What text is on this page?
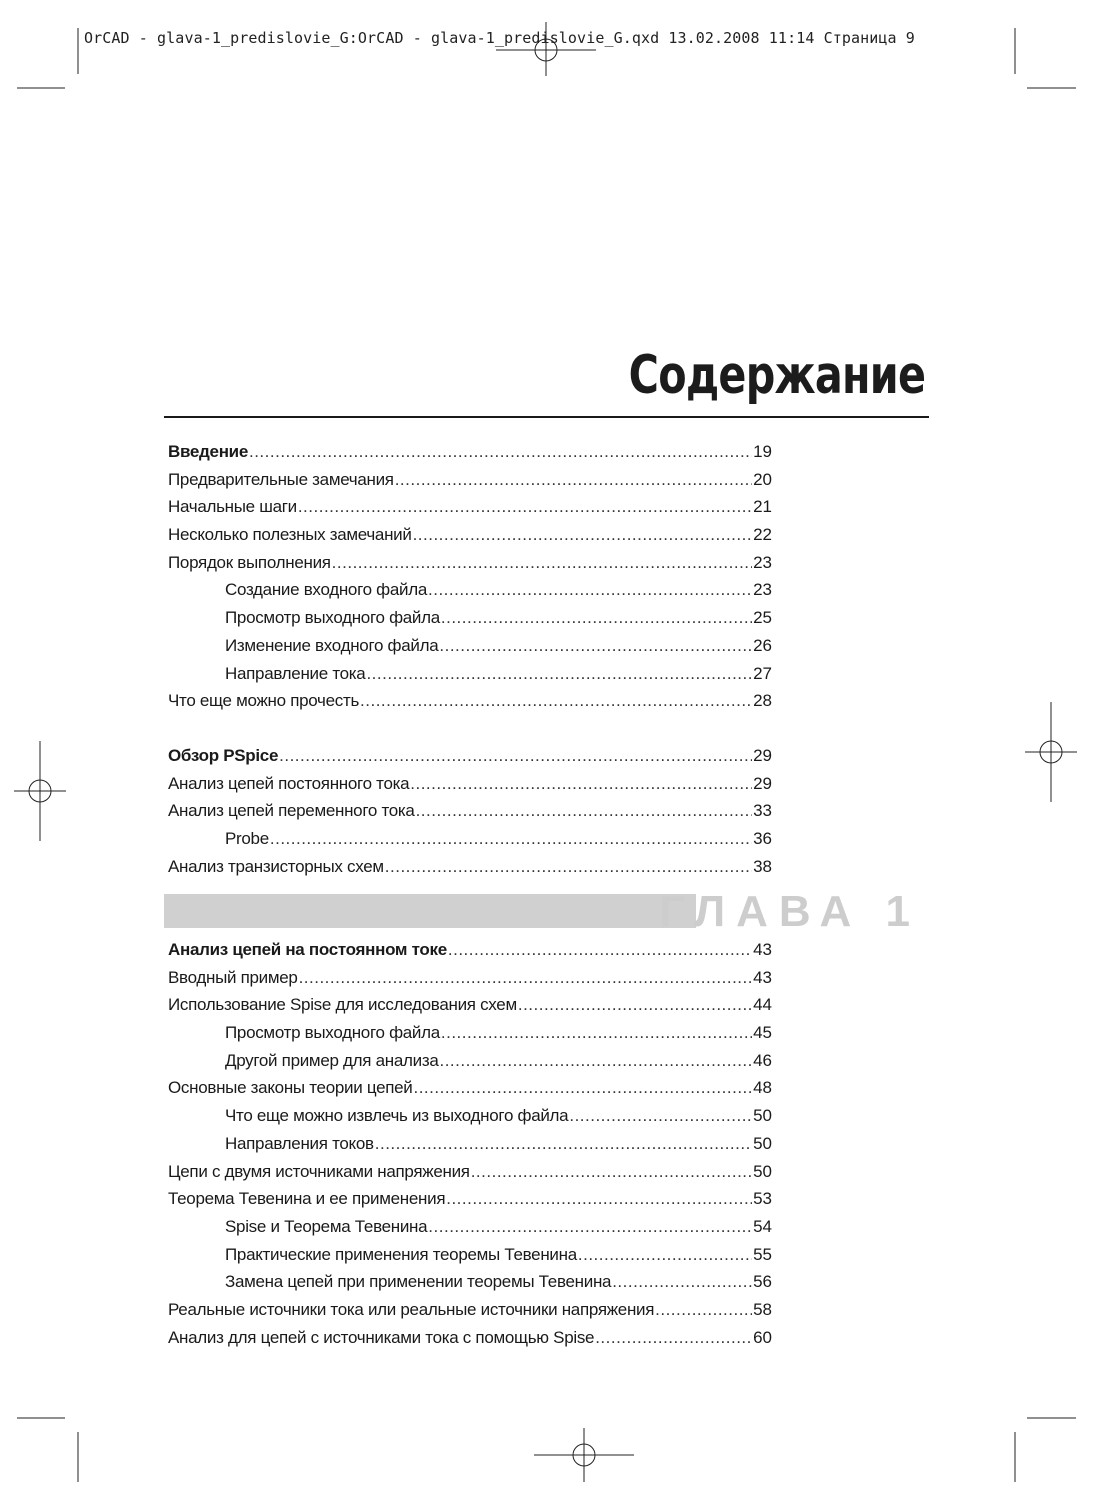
OrCAD - glava-1_predislovie_G:OrCAD - glava-1_predislovie_G.qxd 13.02.2008 11:14 Страница 9
Содержание
Введение .....	19
Предварительные замечания .....	20
Начальные шаги .....	21
Несколько полезных замечаний .....	22
Порядок выполнения .....	23
Создание входного файла .....	23
Просмотр выходного файла .....	25
Изменение входного файла .....	26
Направление тока .....	27
Что еще можно прочесть .....	28
Обзор PSpice .....	29
Анализ цепей постоянного тока .....	29
Анализ цепей переменного тока .....	33
Probe .....	36
Анализ транзисторных схем .....	38
ГЛАВА 1
Анализ цепей на постоянном токе .....	43
Вводный пример .....	43
Использование Spise для исследования схем .....	44
Просмотр выходного файла .....	45
Другой пример для анализа .....	46
Основные законы теории цепей .....	48
Что еще можно извлечь из выходного файла .....	50
Направления токов .....	50
Цепи с двумя источниками напряжения .....	50
Теорема Тевенина и ее применения .....	53
Spise и Теорема Тевенина .....	54
Практические применения теоремы Тевенина .....	55
Замена цепей при применении теоремы Тевенина .....	56
Реальные источники тока или реальные источники напряжения .....	58
Анализ для цепей с источниками тока с помощью Spise .....	60
